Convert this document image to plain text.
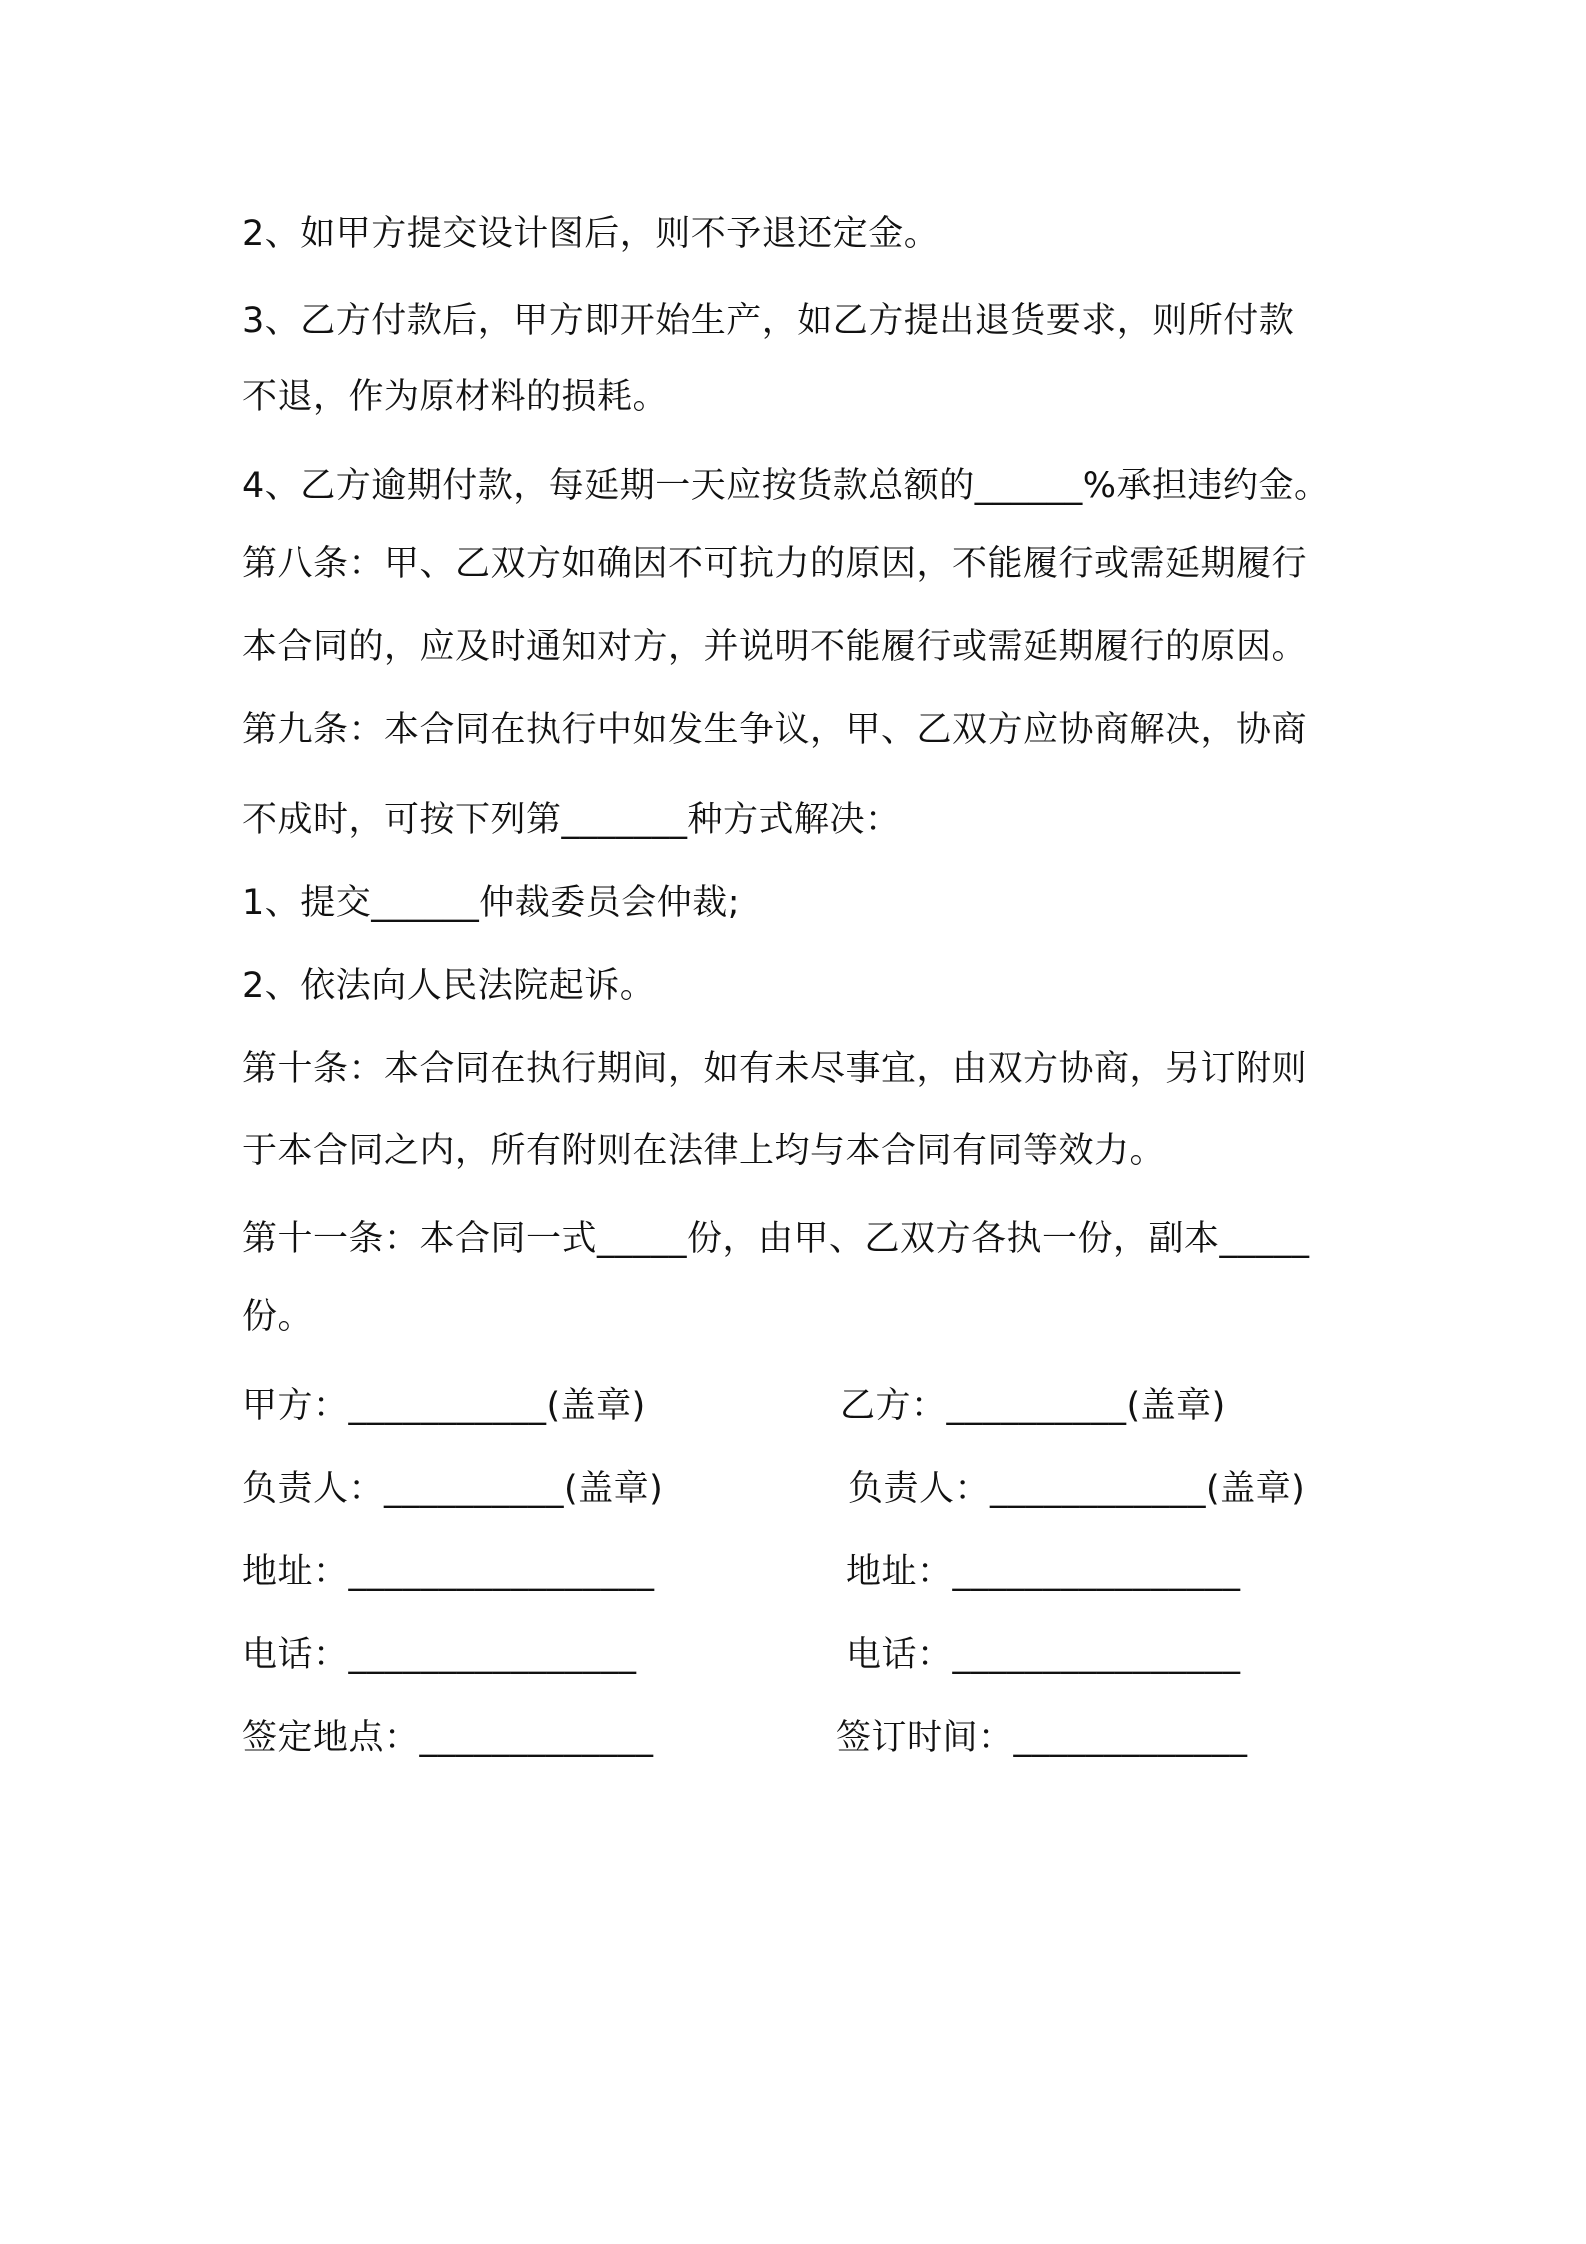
2、如甲方提交设计图后，则不予退还定金。
3、乙方付款后，甲方即开始生产，如乙方提出退货要求，则所付款
不退，作为原材料的损耗。
4、乙方逾期付款，每延期一天应按货款总额的______%承担违约金。
第八条：甲、乙双方如确因不可抗力的原因，不能履行或需延期履行
本合同的，应及时通知对方，并说明不能履行或需延期履行的原因。
第九条：本合同在执行中如发生争议，甲、乙双方应协商解决，协商
不成时，可按下列第_______种方式解决：
1、提交______仲裁委员会仲裁;
2、依法向人民法院起诉。
第十条：本合同在执行期间，如有未尽事宜，由双方协商，另订附则
于本合同之内，所有附则在法律上均与本合同有同等效力。
第十一条：本合同一式_____份，由甲、乙双方各执一份，副本_____
份。
甲方：___________(盖章)
负责人：__________(盖章)
地址：_________________
电话：________________
签定地点：_____________
乙方：__________(盖章)
负责人：____________(盖章)
地址：________________
电话：________________
签订时间：_____________
